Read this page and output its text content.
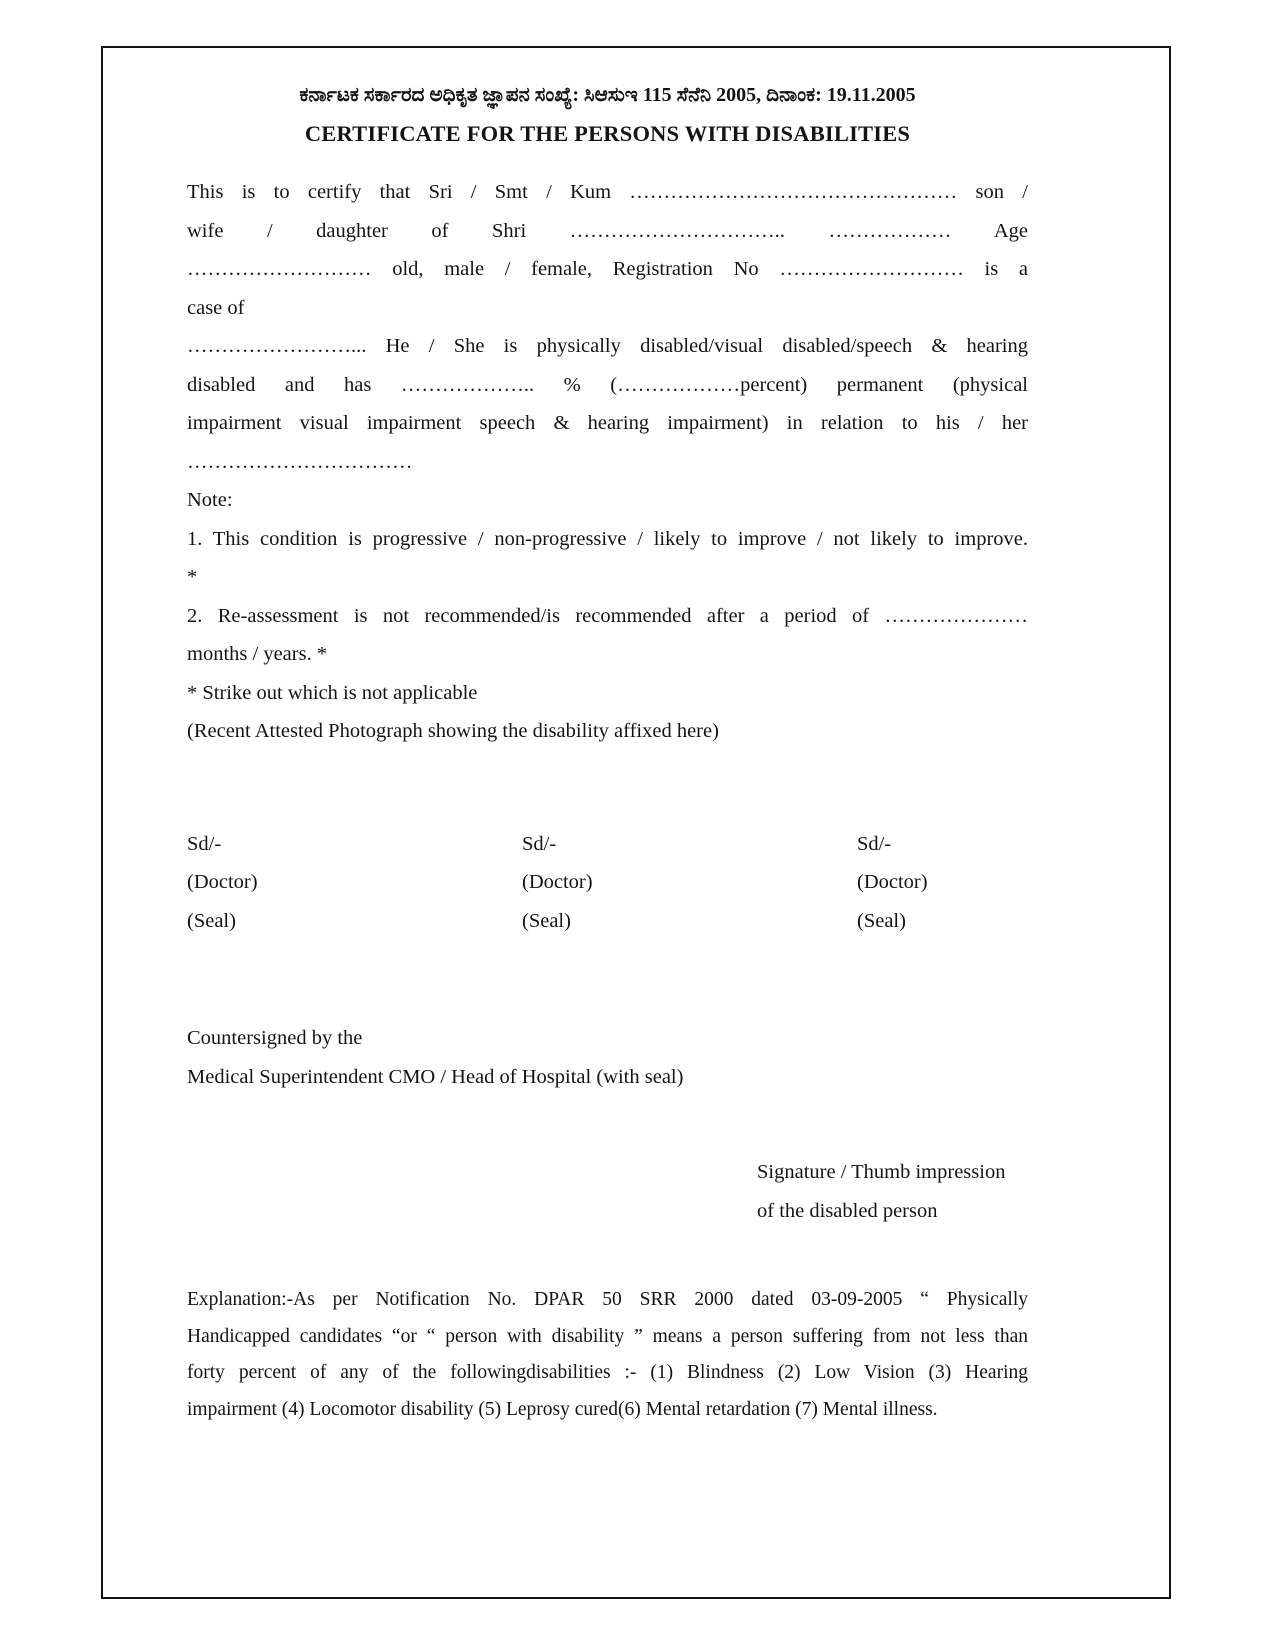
ಕರ್ನಾಟಕ ಸರ್ಕಾರದ ಅಧಿಕೃತ ಜ್ಞಾಪನ ಸಂಖ್ಯೆ: ಸಿಆಸುಇ 115 ಸೆನೆನಿ 2005, ದಿನಾಂಕ: 19.11.2005
CERTIFICATE FOR THE PERSONS WITH DISABILITIES
This is to certify that Sri / Smt / Kum ………………………………………… son /
wife / daughter of Shri ………………………….. ……………… Age
……………………… old, male / female, Registration No ……………………… is a
case of
……………………... He / She is physically disabled/visual disabled/speech & hearing
disabled and has ……………….. % (………………percent) permanent (physical
impairment visual impairment speech & hearing impairment) in relation to his / her
……………………………
Note:
1. This condition is progressive / non-progressive / likely to improve / not likely to improve.
*
2. Re-assessment is not recommended/is recommended after a period of …………………
months / years. *
* Strike out which is not applicable
(Recent Attested Photograph showing the disability affixed here)
Sd/-
(Doctor)
(Seal)
Sd/-
(Doctor)
(Seal)
Sd/-
(Doctor)
(Seal)
Countersigned by the
Medical Superintendent CMO / Head of Hospital (with seal)
Signature / Thumb impression
of the disabled person
Explanation:-As per Notification No. DPAR 50 SRR 2000 dated 03-09-2005 “ Physically
Handicapped candidates “or “ person with disability ” means a person suffering from not less than
forty percent of any of the followingdisabilities :- (1) Blindness (2) Low Vision (3) Hearing
impairment (4) Locomotor disability (5) Leprosy cured(6) Mental retardation (7) Mental illness.
